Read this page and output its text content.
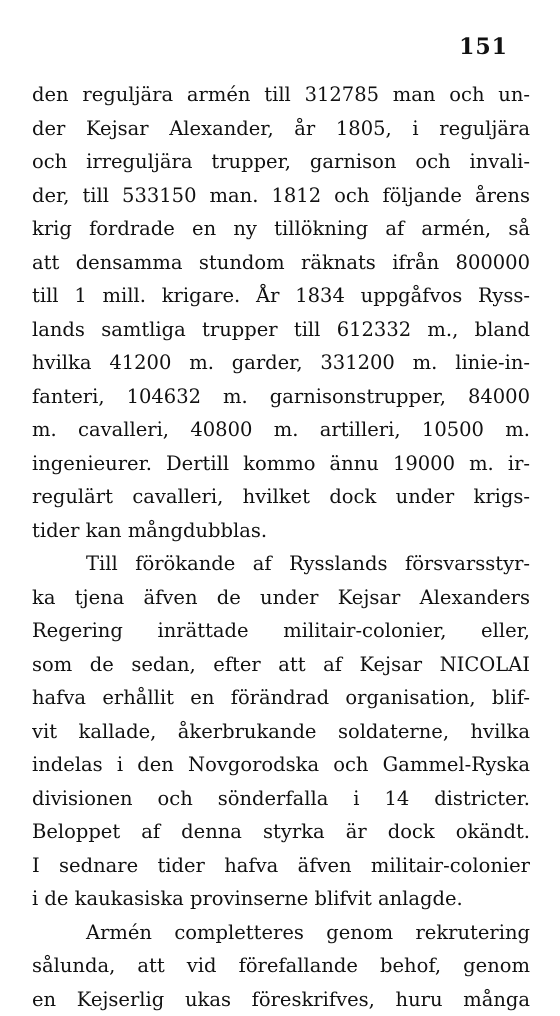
151
den reguljära armén till 312785 man och un-
der Kejsar Alexander, år 1805, i reguljära
och irreguljära trupper, garnison och invali-
der, till 533150 man. 1812 och följande årens
krig fordrade en ny tillökning af armén, så
att densamma stundom räknats ifrån 800000
till 1 mill. krigare. År 1834 uppgåfvos Ryss-
lands samtliga trupper till 612332 m., bland
hvilka 41200 m. garder, 331200 m. linie-in-
fanteri, 104632 m. garnisonstrupper, 84000
m. cavalleri, 40800 m. artilleri, 10500 m.
ingenieurer. Dertill kommo ännu 19000 m. ir-
regulärt cavalleri, hvilket dock under krigs-
tider kan mångdubblas.
Till förökande af Rysslands försvarsstyr-
ka tjena äfven de under Kejsar Alexanders
Regering inrättade militair-colonier, eller,
som de sedan, efter att af Kejsar NICOLAI
hafva erhållit en förändrad organisation, blif-
vit kallade, åkerbrukande soldaterne, hvilka
indelas i den Novgorodska och Gammel-Ryska
divisionen och sönderfalla i 14 districter.
Beloppet af denna styrka är dock okändt.
I sednare tider hafva äfven militair-colonier
i de kaukasiska provinserne blifvit anlagde.
Armén completteres genom rekrutering
sålunda, att vid förefallande behof, genom
en Kejserlig ukas föreskrifves, huru många
